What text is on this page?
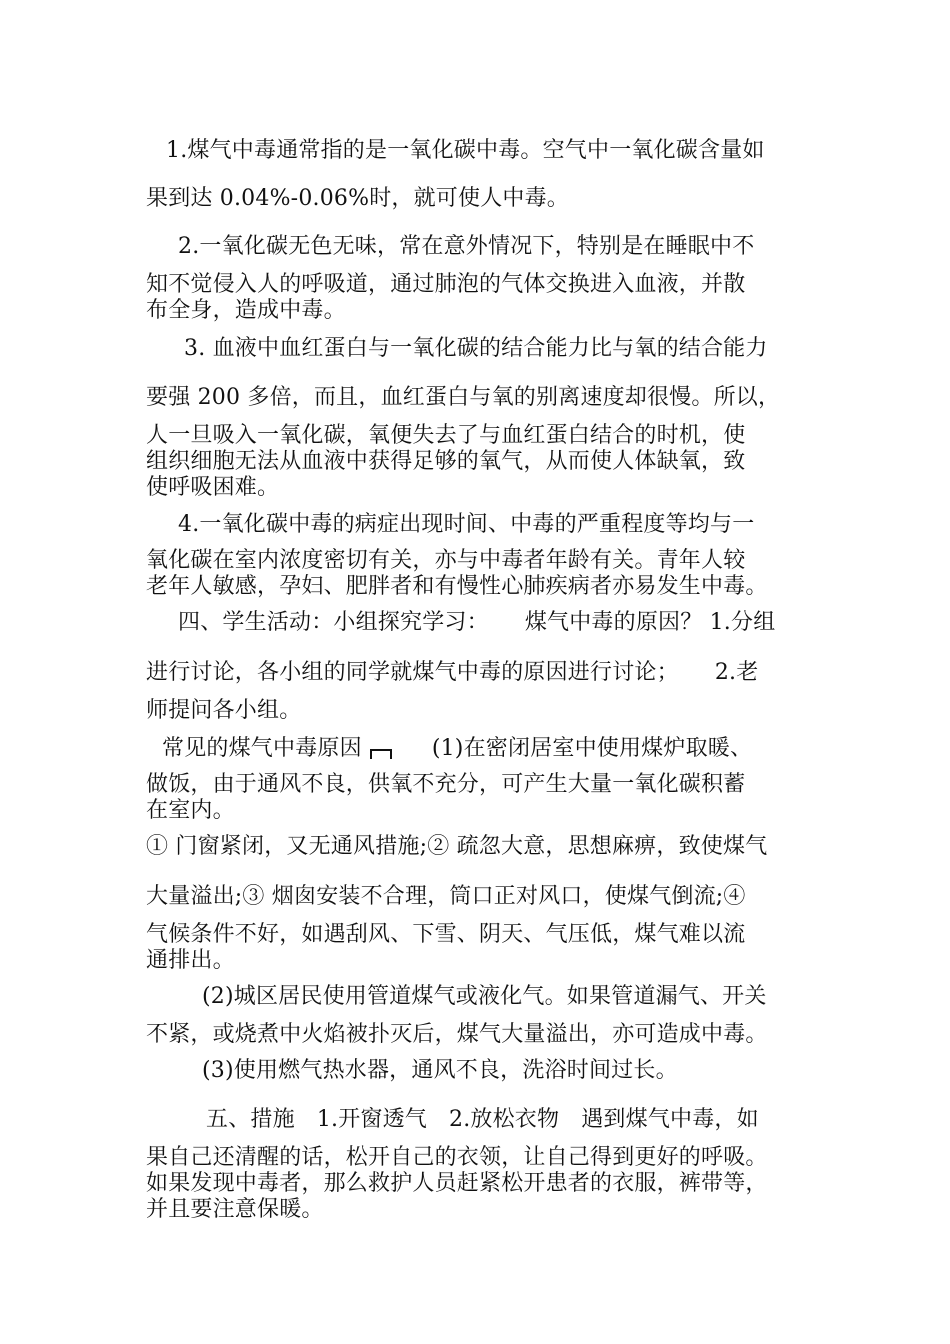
1.煤气中毒通常指的是一氧化碳中毒。空气中一氧化碳含量如
果到达 0.04%-0.06%时，就可使人中毒。
2.一氧化碳无色无味，常在意外情况下，特别是在睡眠中不
知不觉侵入人的呼吸道，通过肺泡的气体交换进入血液，并散
布全身，造成中毒。
3. 血液中血红蛋白与一氧化碳的结合能力比与氧的结合能力
要强 200 多倍，而且，血红蛋白与氧的别离速度却很慢。所以，
人一旦吸入一氧化碳，氧便失去了与血红蛋白结合的时机，使
组织细胞无法从血液中获得足够的氧气，从而使人体缺氧，致
使呼吸困难。
4.一氧化碳中毒的病症出现时间、中毒的严重程度等均与一
氧化碳在室内浓度密切有关，亦与中毒者年龄有关。青年人较
老年人敏感，孕妇、肥胖者和有慢性心肺疾病者亦易发生中毒。
四、学生活动：小组探究学习： 煤气中毒的原因？ 1.分组
进行讨论，各小组的同学就煤气中毒的原因进行讨论； 2.老
师提问各小组。
常见的煤气中毒原因	(1)在密闭居室中使用煤炉取暖、
做饭，由于通风不良，供氧不充分，可产生大量一氧化碳积蓄
在室内。
① 门窗紧闭，又无通风措施;② 疏忽大意，思想麻痹，致使煤气
大量溢出;③ 烟囱安装不合理，筒口正对风口，使煤气倒流;④
气候条件不好，如遇刮风、下雪、阴天、气压低，煤气难以流
通排出。
(2)城区居民使用管道煤气或液化气。如果管道漏气、开关
不紧，或烧煮中火焰被扑灭后，煤气大量溢出，亦可造成中毒。
(3)使用燃气热水器，通风不良，洗浴时间过长。
五、措施 1.开窗透气 2.放松衣物 遇到煤气中毒，如
果自己还清醒的话，松开自己的衣领，让自己得到更好的呼吸。
如果发现中毒者，那么救护人员赶紧松开患者的衣服，裤带等，
并且要注意保暖。
